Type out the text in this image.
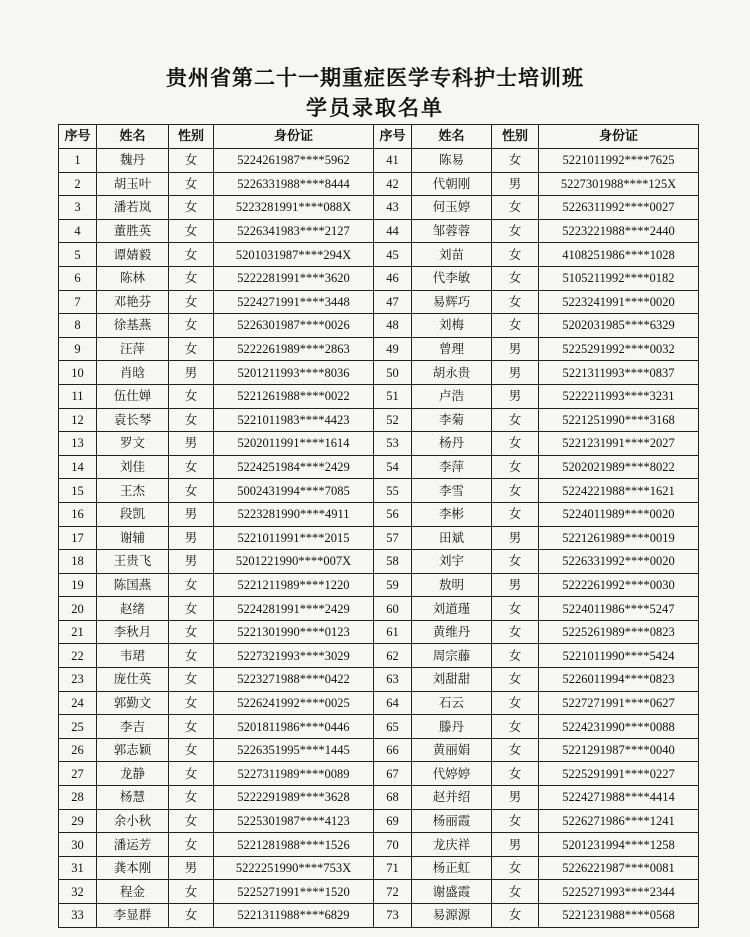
贵州省第二十一期重症医学专科护士培训班
学员录取名单
序号	姓名	性别	身份证	序号	姓名	性别	身份证
1	魏丹	女	5224261987****5962	41	陈易	女	5221011992****7625
2	胡玉叶	女	5226331988****8444	42	代朝刚	男	5227301988****125X
3	潘若岚	女	5223281991****088X	43	何玉婷	女	5226311992****0027
4	董胜英	女	5226341983****2127	44	邹蓉蓉	女	5223221988****2440
5	谭婧毅	女	5201031987****294X	45	刘苗	女	4108251986****1028
6	陈林	女	5222281991****3620	46	代李敏	女	5105211992****0182
7	邓艳芬	女	5224271991****3448	47	易辉巧	女	5223241991****0020
8	徐基燕	女	5226301987****0026	48	刘梅	女	5202031985****6329
9	汪萍	女	5222261989****2863	49	曾理	男	5225291992****0032
10	肖晗	男	5201211993****8036	50	胡永贵	男	5221311993****0837
11	伍仕婵	女	5221261988****0022	51	卢浩	男	5222211993****3231
12	袁长琴	女	5221011983****4423	52	李菊	女	5221251990****3168
13	罗文	男	5202011991****1614	53	杨丹	女	5221231991****2027
14	刘佳	女	5224251984****2429	54	李萍	女	5202021989****8022
15	王杰	女	5002431994****7085	55	李雪	女	5224221988****1621
16	段凯	男	5223281990****4911	56	李彬	女	5224011989****0020
17	谢辅	男	5221011991****2015	57	田斌	男	5221261989****0019
18	王贵飞	男	5201221990****007X	58	刘宇	女	5226331992****0020
19	陈国燕	女	5221211989****1220	59	敖明	男	5222261992****0030
20	赵绪	女	5224281991****2429	60	刘道瑾	女	5224011986****5247
21	李秋月	女	5221301990****0123	61	黄维丹	女	5225261989****0823
22	韦珺	女	5227321993****3029	62	周宗藤	女	5221011990****5424
23	庞仕英	女	5223271988****0422	63	刘甜甜	女	5226011994****0823
24	郭勤文	女	5226241992****0025	64	石云	女	5227271991****0627
25	李吉	女	5201811986****0446	65	滕丹	女	5224231990****0088
26	郭志颖	女	5226351995****1445	66	黄丽娟	女	5221291987****0040
27	龙静	女	5227311989****0089	67	代婷婷	女	5225291991****0227
28	杨慧	女	5222291989****3628	68	赵并绍	男	5224271988****4414
29	余小秋	女	5225301987****4123	69	杨丽霞	女	5226271986****1241
30	潘运芳	女	5221281988****1526	70	龙庆祥	男	5201231994****1258
31	龚本刚	男	5222251990****753X	71	杨正虹	女	5226221987****0081
32	程金	女	5225271991****1520	72	谢盛霞	女	5225271993****2344
33	李显群	女	5221311988****6829	73	易源源	女	5221231988****0568
